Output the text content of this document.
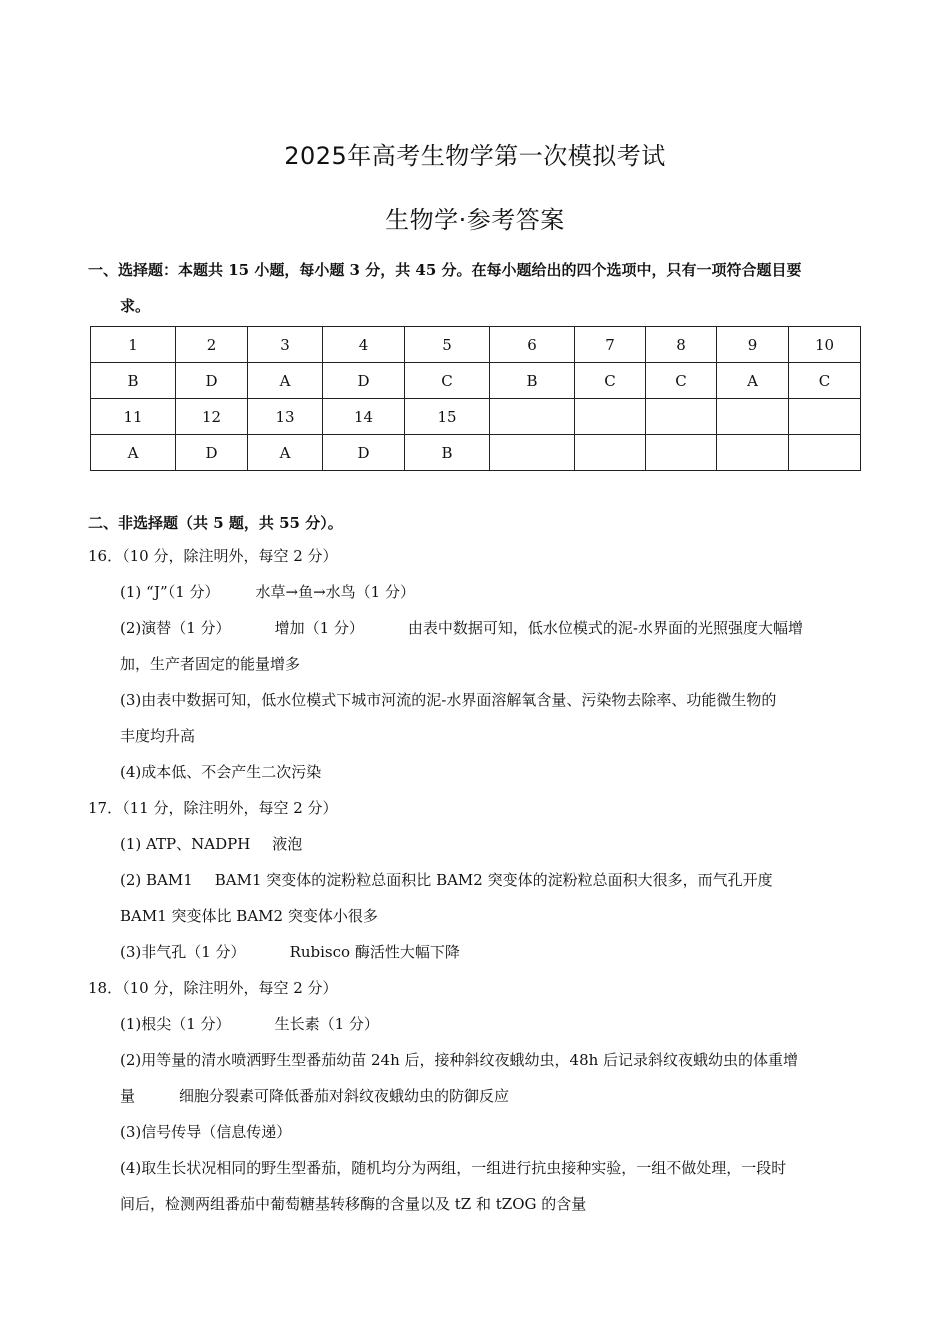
2025年高考生物学第一次模拟考试
生物学·参考答案
一、选择题：本题共 15 小题，每小题 3 分，共 45 分。在每小题给出的四个选项中，只有一项符合题目要
求。
1	2	3	4	5	6	7	8	9	10
B	D	A	D	C	B	C	C	A	C
11	12	13	14	15					
A	D	A	D	B					
二、非选择题（共 5 题，共 55 分）。
16．（10 分，除注明外，每空 2 分）
(1) “J”（1 分） 水草→鱼→水鸟（1 分）
(2)演替（1 分）	增加（1 分）	由表中数据可知，低水位模式的泥-水界面的光照强度大幅增
加，生产者固定的能量增多
(3)由表中数据可知，低水位模式下城市河流的泥-水界面溶解氧含量、污染物去除率、功能微生物的
丰度均升高
(4)成本低、不会产生二次污染
17．（11 分，除注明外，每空 2 分）
(1) ATP、NADPH 液泡
(2) BAM1 BAM1 突变体的淀粉粒总面积比 BAM2 突变体的淀粉粒总面积大很多，而气孔开度
BAM1 突变体比 BAM2 突变体小很多
(3)非气孔（1 分）	Rubisco 酶活性大幅下降
18．（10 分，除注明外，每空 2 分）
(1)根尖（1 分）	生长素（1 分）
(2)用等量的清水喷洒野生型番茄幼苗 24h 后，接种斜纹夜蛾幼虫，48h 后记录斜纹夜蛾幼虫的体重增
量	细胞分裂素可降低番茄对斜纹夜蛾幼虫的防御反应
(3)信号传导（信息传递）
(4)取生长状况相同的野生型番茄，随机均分为两组，一组进行抗虫接种实验，一组不做处理，一段时
间后，检测两组番茄中葡萄糖基转移酶的含量以及 tZ 和 tZOG 的含量
